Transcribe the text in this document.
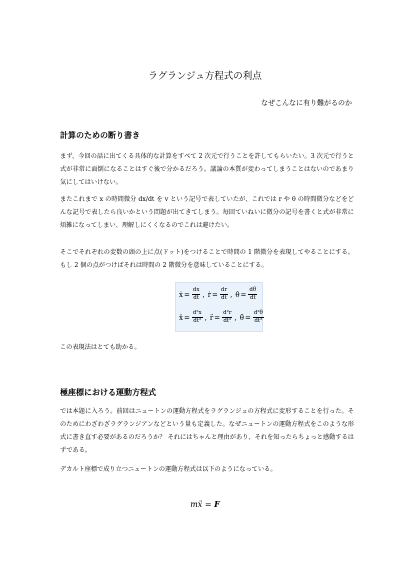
ラグランジュ方程式の利点
なぜこんなに有り難がるのか
計算のための断り書き
まず、今回の話に出てくる具体的な計算をすべて 2 次元で行うことを許してもらいたい。3 次元で行うと式が非常に面倒になることはすぐ後で分かるだろう。議論の本質が変わってしまうことはないのであまり気にしてはいけない。
またこれまで x の時間微分 dx/dt を v という記号で表していたが、これでは r や θ の時間微分などをどんな記号で表したら良いかという問題が出てきてしまう。毎回ていねいに微分の記号を書くと式が非常に煩雑になってしまい、理解しにくくなるのでこれは避けたい。
そこでそれぞれの変数の頭の上に点(ドット)をつけることで時間の 1 階微分を表現してやることにする。もし 2 個の点がつけばそれは時間の 2 階微分を意味していることにする。
ẋ = $\frac{dx}{dt}$ , ṙ = $\frac{dr}{dt}$ , θ̇ = $\frac{d\theta}{dt}$
ẍ = $\frac{\text{d²x}}{\text{dt²}}$ , r̈ = $\frac{\text{d²r}}{\text{dt²}}$ , θ̈ = $\frac{\text{d²θ}}{\text{dt²}}$
この表現法はとても助かる。
極座標における運動方程式
では本題に入ろう。前回はニュートンの運動方程式をラグランジュの方程式に変形することを行った。そのためにわざわざラグランジアンなどという量も定義した。なぜニュートンの運動方程式をこのような形式に書き直す必要があるのだろうか？ それにはちゃんと理由があり、それを知ったらちょっと感動するはずである。
デカルト座標で成り立つニュートンの運動方程式は以下のようになっている。
mẍ = F
